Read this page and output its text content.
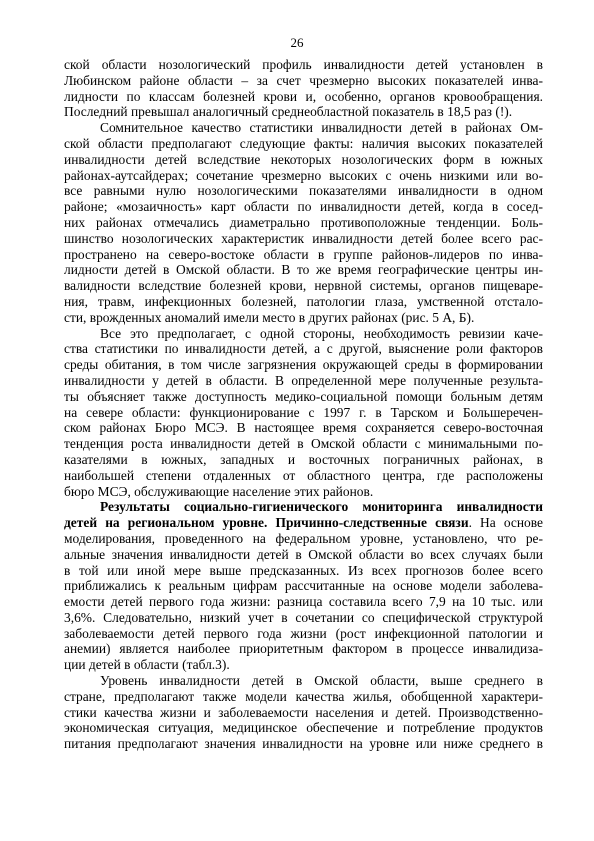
26
ской области нозологический профиль инвалидности детей установлен в
Любинском районе области – за счет чрезмерно высоких показателей инва-
лидности по классам болезней крови и, особенно, органов кровообращения.
Последний превышал аналогичный среднеобластной показатель в 18,5 раз (!).
Сомнительное качество статистики инвалидности детей в районах Ом-
ской области предполагают следующие факты: наличия высоких показателей
инвалидности детей вследствие некоторых нозологических форм в южных
районах-аутсайдерах; сочетание чрезмерно высоких с очень низкими или во-
все равными нулю нозологическими показателями инвалидности в одном
районе; «мозаичность» карт области по инвалидности детей, когда в сосед-
них районах отмечались диаметрально противоположные тенденции. Боль-
шинство нозологических характеристик инвалидности детей более всего рас-
пространено на северо-востоке области в группе районов-лидеров по инва-
лидности детей в Омской области. В то же время географические центры ин-
валидности вследствие болезней крови, нервной системы, органов пищеваре-
ния, травм, инфекционных болезней, патологии глаза, умственной отстало-
сти, врожденных аномалий имели место в других районах (рис. 5 А, Б).
Все это предполагает, с одной стороны, необходимость ревизии каче-
ства статистики по инвалидности детей, а с другой, выяснение роли факторов
среды обитания, в том числе загрязнения окружающей среды в формировании
инвалидности у детей в области. В определенной мере полученные результа-
ты объясняет также доступность медико-социальной помощи больным детям
на севере области: функционирование с 1997 г. в Тарском и Большеречен-
ском районах Бюро МСЭ. В настоящее время сохраняется северо-восточная
тенденция роста инвалидности детей в Омской области с минимальными по-
казателями в южных, западных и восточных пограничных районах, в
наибольшей степени отдаленных от областного центра, где расположены
бюро МСЭ, обслуживающие население этих районов.
Результаты социально-гигиенического мониторинга инвалидности
детей на региональном уровне. Причинно-следственные связи. На основе
моделирования, проведенного на федеральном уровне, установлено, что ре-
альные значения инвалидности детей в Омской области во всех случаях были
в той или иной мере выше предсказанных. Из всех прогнозов более всего
приближались к реальным цифрам рассчитанные на основе модели заболева-
емости детей первого года жизни: разница составила всего 7,9 на 10 тыс. или
3,6%. Следовательно, низкий учет в сочетании со специфической структурой
заболеваемости детей первого года жизни (рост инфекционной патологии и
анемии) является наиболее приоритетным фактором в процессе инвалидиза-
ции детей в области (табл.3).
Уровень инвалидности детей в Омской области, выше среднего в
стране, предполагают также модели качества жилья, обобщенной характери-
стики качества жизни и заболеваемости населения и детей. Производственно-
экономическая ситуация, медицинское обеспечение и потребление продуктов
питания предполагают значения инвалидности на уровне или ниже среднего в
